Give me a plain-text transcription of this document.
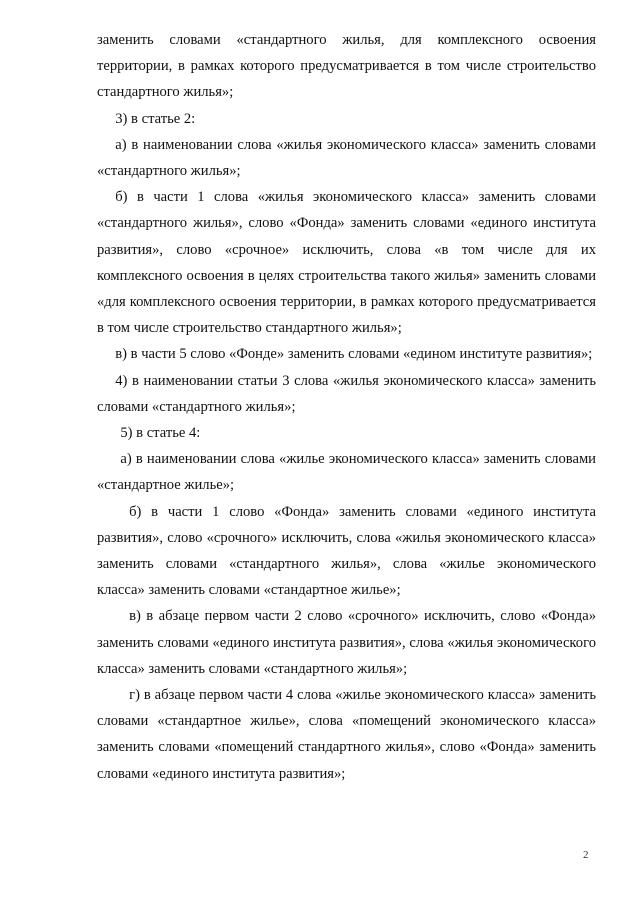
заменить словами «стандартного жилья, для комплексного освоения территории, в рамках которого предусматривается в том числе строительство стандартного жилья»;

3) в статье 2:

а) в наименовании слова «жилья экономического класса» заменить словами «стандартного жилья»;

б) в части 1 слова «жилья экономического класса» заменить словами «стандартного жилья», слово «Фонда» заменить словами «единого института развития», слово «срочное» исключить, слова «в том числе для их комплексного освоения в целях строительства такого жилья» заменить словами «для комплексного освоения территории, в рамках которого предусматривается в том числе строительство стандартного жилья»;

в) в части 5 слово «Фонде» заменить словами «едином институте развития»;

4) в наименовании статьи 3 слова «жилья экономического класса» заменить словами «стандартного жилья»;

5) в статье 4:

а) в наименовании слова «жилье экономического класса» заменить словами «стандартное жилье»;

б) в части 1 слово «Фонда» заменить словами «единого института развития», слово «срочного» исключить, слова «жилья экономического класса» заменить словами «стандартного жилья», слова «жилье экономического класса» заменить словами «стандартное жилье»;

в) в абзаце первом части 2 слово «срочного» исключить, слово «Фонда» заменить словами «единого института развития», слова «жилья экономического класса» заменить словами «стандартного жилья»;

г) в абзаце первом части 4 слова «жилье экономического класса» заменить словами «стандартное жилье», слова «помещений экономического класса» заменить словами «помещений стандартного жилья», слово «Фонда» заменить словами «единого института развития»;

2
